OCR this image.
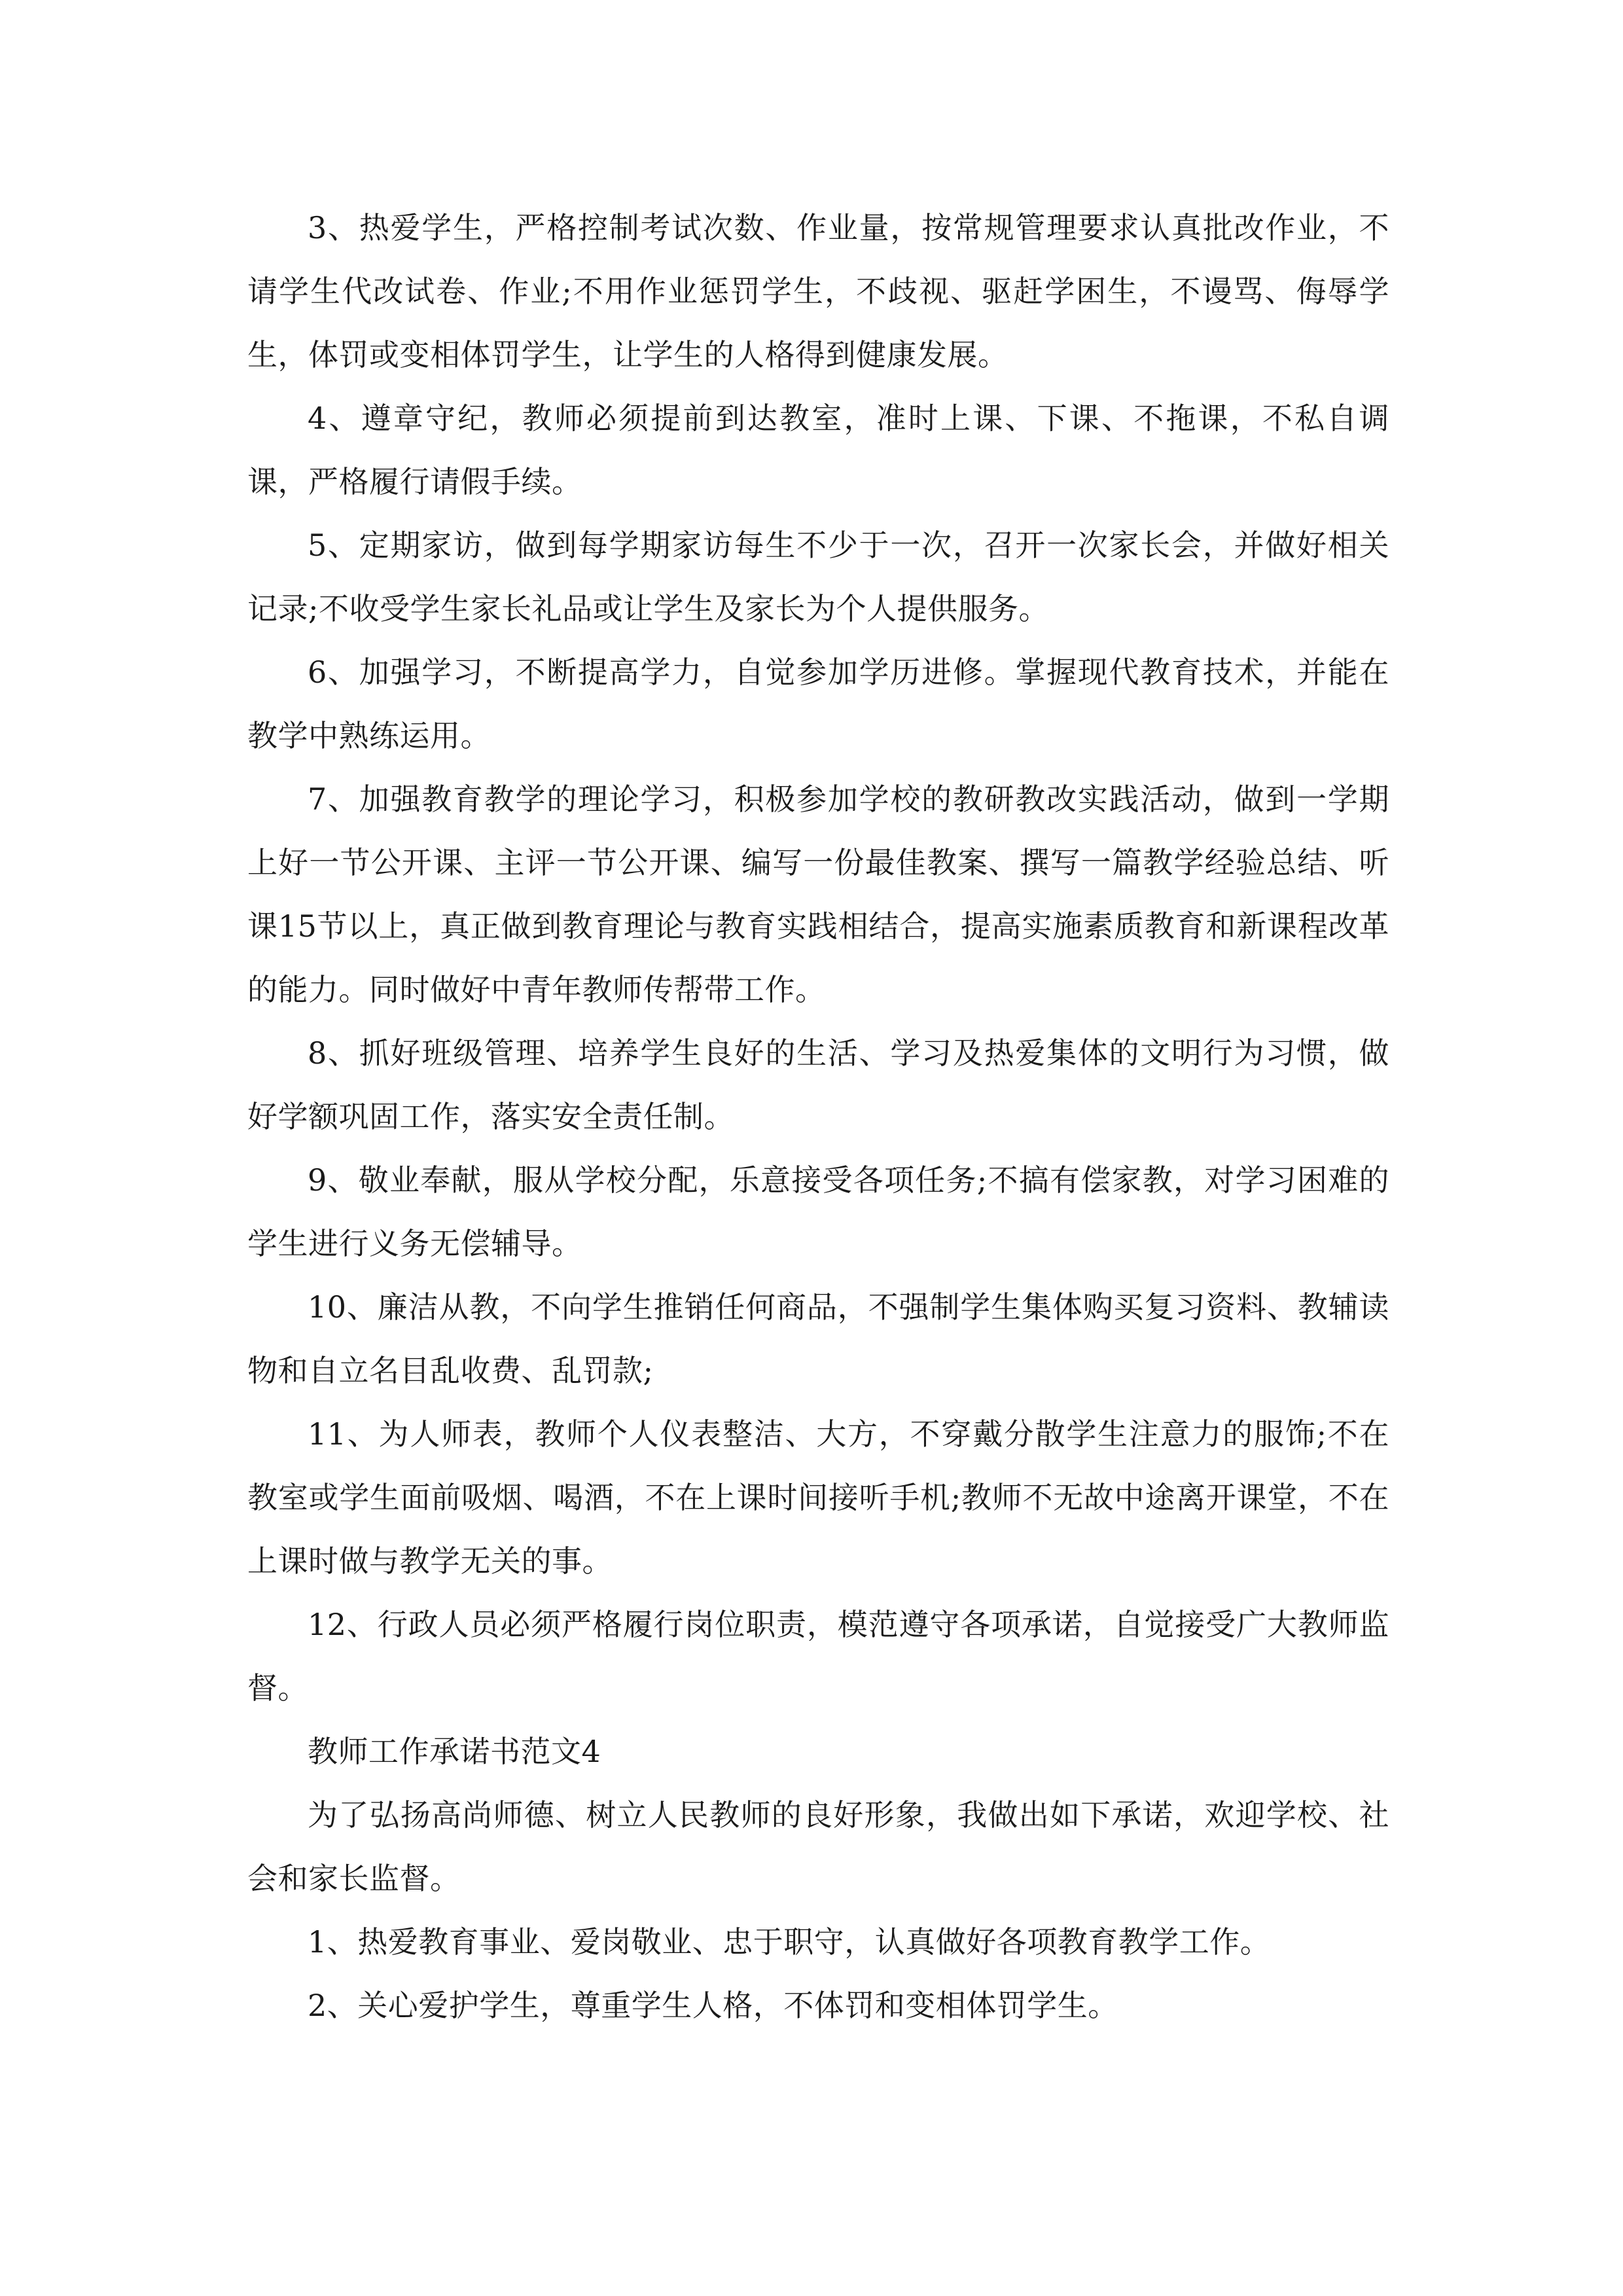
3、热爱学生，严格控制考试次数、作业量，按常规管理要求认真批改作业，不请学生代改试卷、作业;不用作业惩罚学生，不歧视、驱赶学困生，不谩骂、侮辱学生，体罚或变相体罚学生，让学生的人格得到健康发展。

4、遵章守纪，教师必须提前到达教室，准时上课、下课、不拖课，不私自调课，严格履行请假手续。

5、定期家访，做到每学期家访每生不少于一次，召开一次家长会，并做好相关记录;不收受学生家长礼品或让学生及家长为个人提供服务。

6、加强学习，不断提高学力，自觉参加学历进修。掌握现代教育技术，并能在教学中熟练运用。

7、加强教育教学的理论学习，积极参加学校的教研教改实践活动，做到一学期上好一节公开课、主评一节公开课、编写一份最佳教案、撰写一篇教学经验总结、听课15节以上，真正做到教育理论与教育实践相结合，提高实施素质教育和新课程改革的能力。同时做好中青年教师传帮带工作。

8、抓好班级管理、培养学生良好的生活、学习及热爱集体的文明行为习惯，做好学额巩固工作，落实安全责任制。

9、敬业奉献，服从学校分配，乐意接受各项任务;不搞有偿家教，对学习困难的学生进行义务无偿辅导。

10、廉洁从教，不向学生推销任何商品，不强制学生集体购买复习资料、教辅读物和自立名目乱收费、乱罚款;

11、为人师表，教师个人仪表整洁、大方，不穿戴分散学生注意力的服饰;不在教室或学生面前吸烟、喝酒，不在上课时间接听手机;教师不无故中途离开课堂，不在上课时做与教学无关的事。

12、行政人员必须严格履行岗位职责，模范遵守各项承诺，自觉接受广大教师监督。

教师工作承诺书范文4

为了弘扬高尚师德、树立人民教师的良好形象，我做出如下承诺，欢迎学校、社会和家长监督。

1、热爱教育事业、爱岗敬业、忠于职守，认真做好各项教育教学工作。

2、关心爱护学生，尊重学生人格，不体罚和变相体罚学生。
